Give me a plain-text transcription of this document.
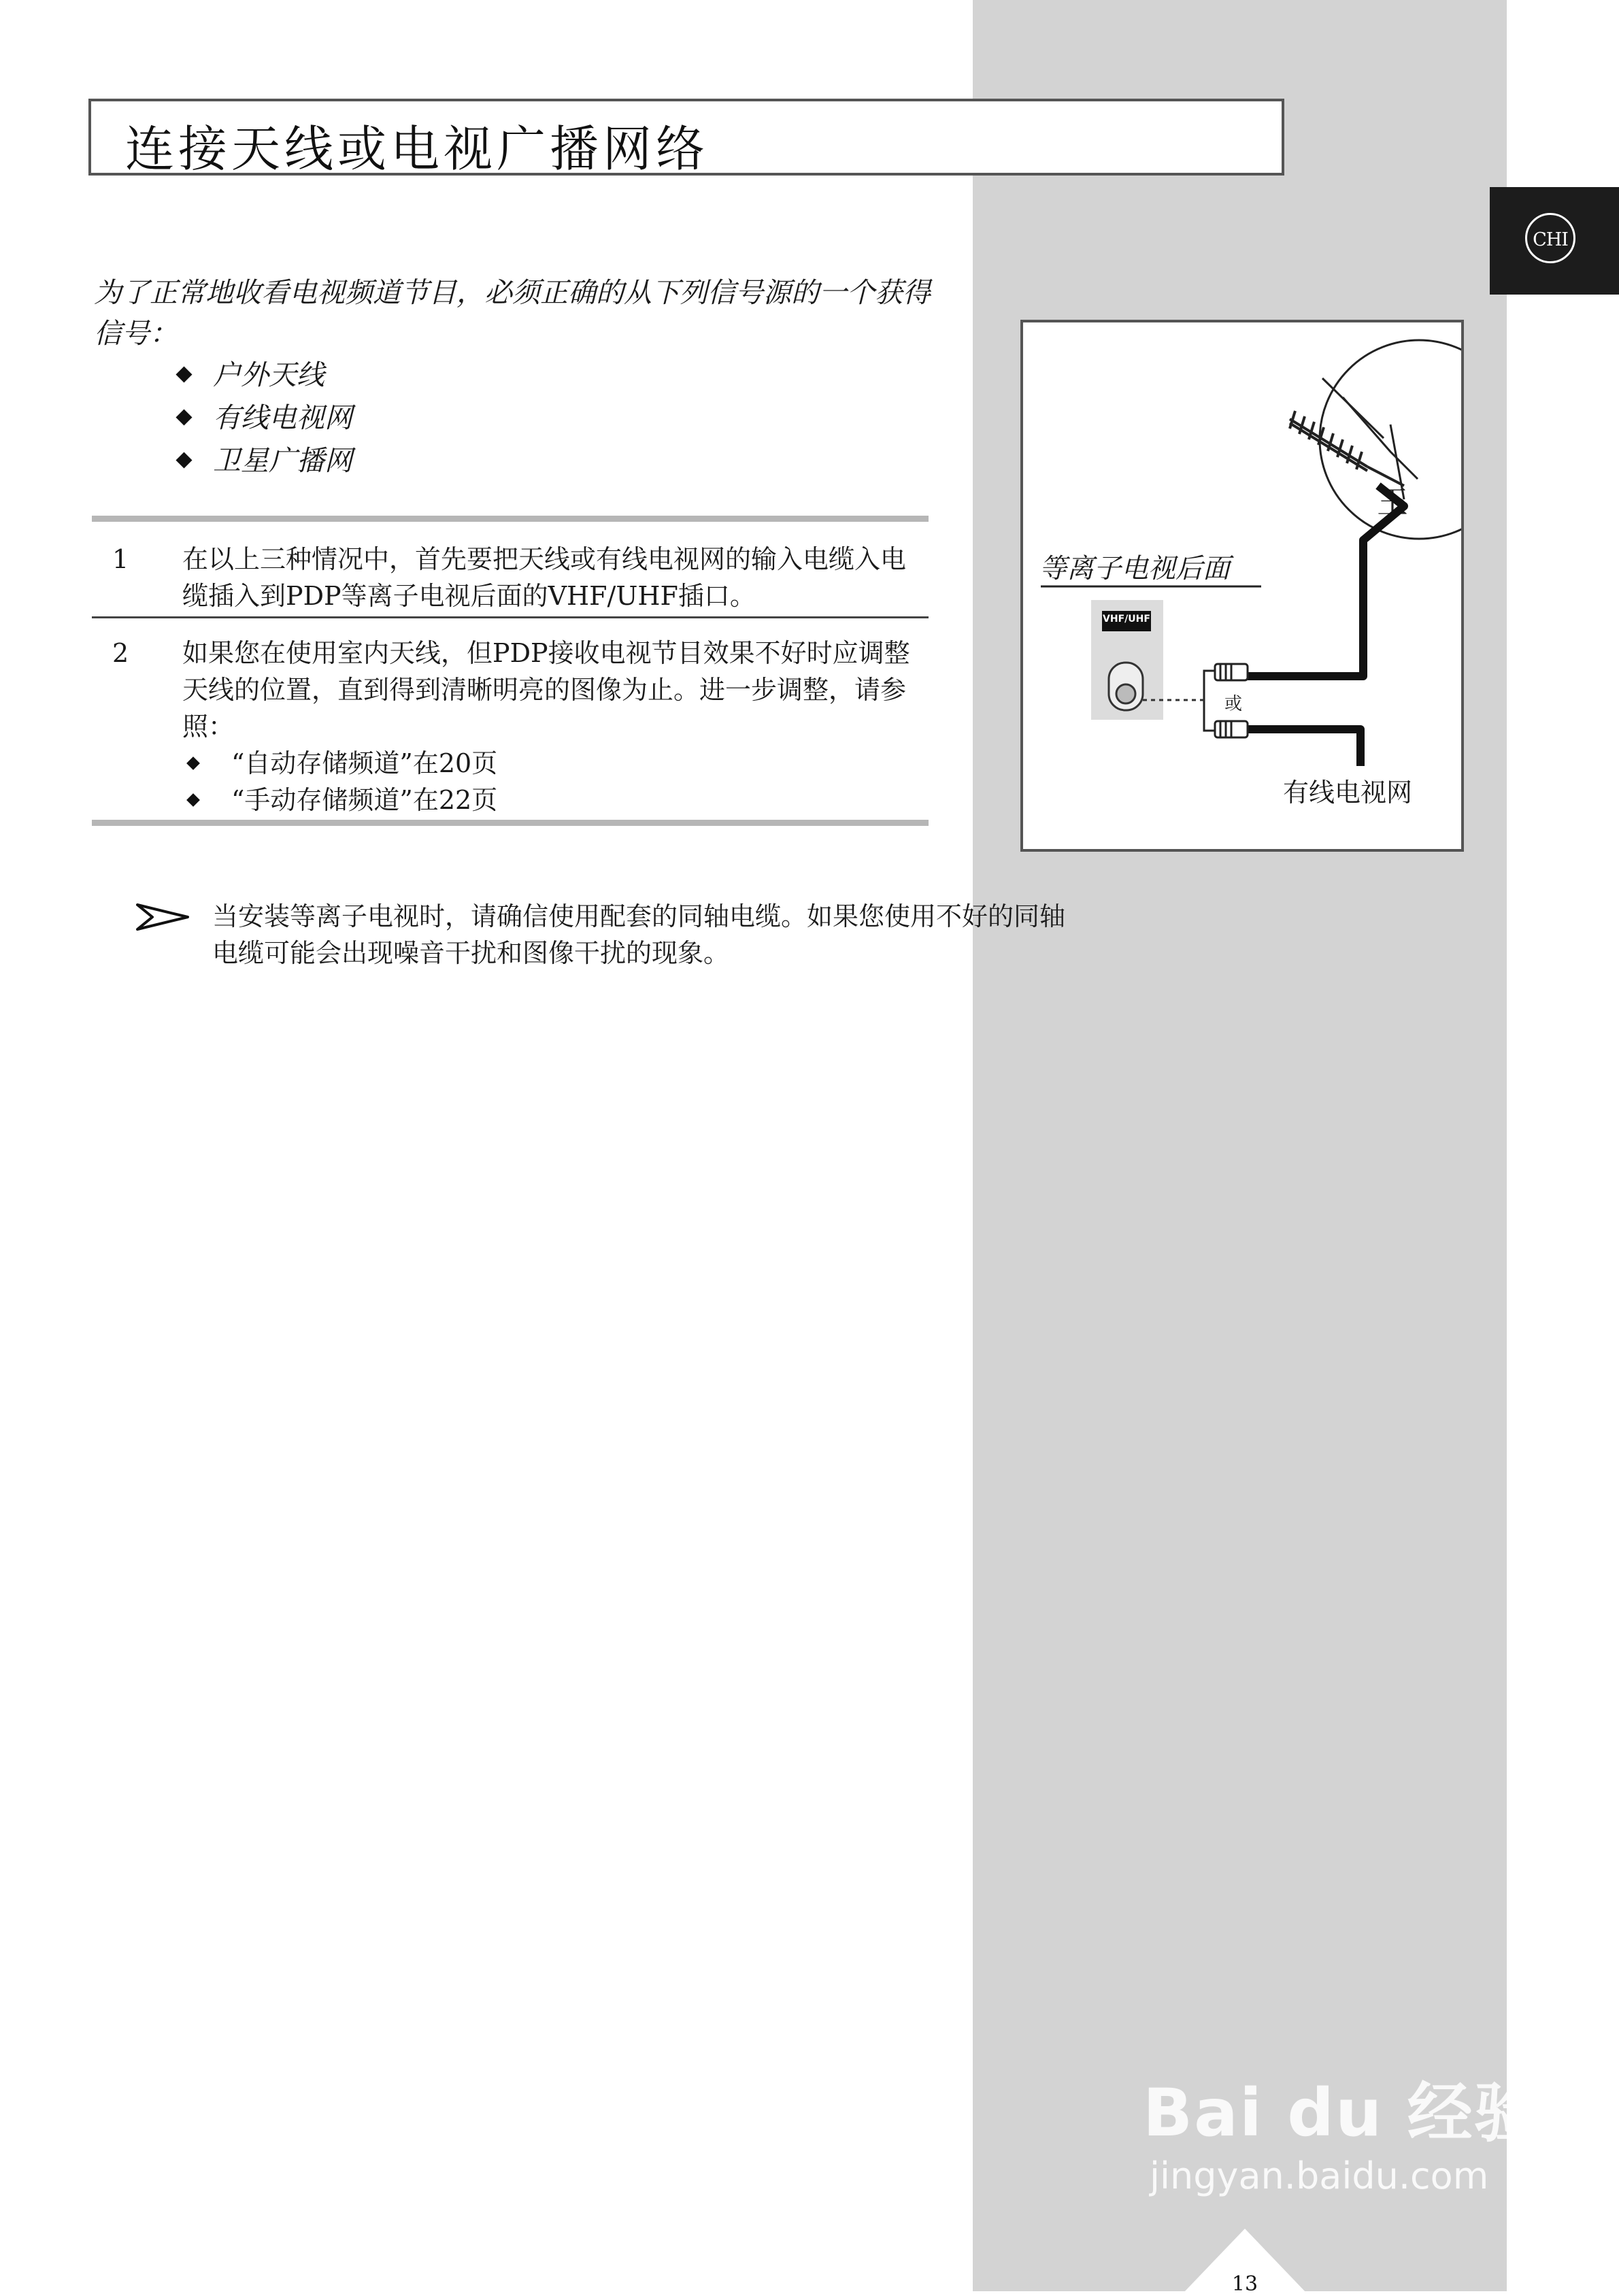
CHI
连接天线或电视广播网络
为了正常地收看电视频道节目，必须正确的从下列信号源的一个获得信号：
户外天线
有线电视网
卫星广播网
1 在以上三种情况中，首先要把天线或有线电视网的输入电缆入电缆插入到PDP等离子电视后面的VHF/UHF插口。
2 如果您在使用室内天线，但PDP接收电视节目效果不好时应调整天线的位置，直到得到清晰明亮的图像为止。进一步调整，请参照：
“自动存储频道”在20页
“手动存储频道”在22页
当安装等离子电视时，请确信使用配套的同轴电缆。如果您使用不好的同轴电缆可能会出现噪音干扰和图像干扰的现象。
王
等离子电视后面
VHF/UHF
或
有线电视网
13
Bai du 经验
jingyan.baidu.com
